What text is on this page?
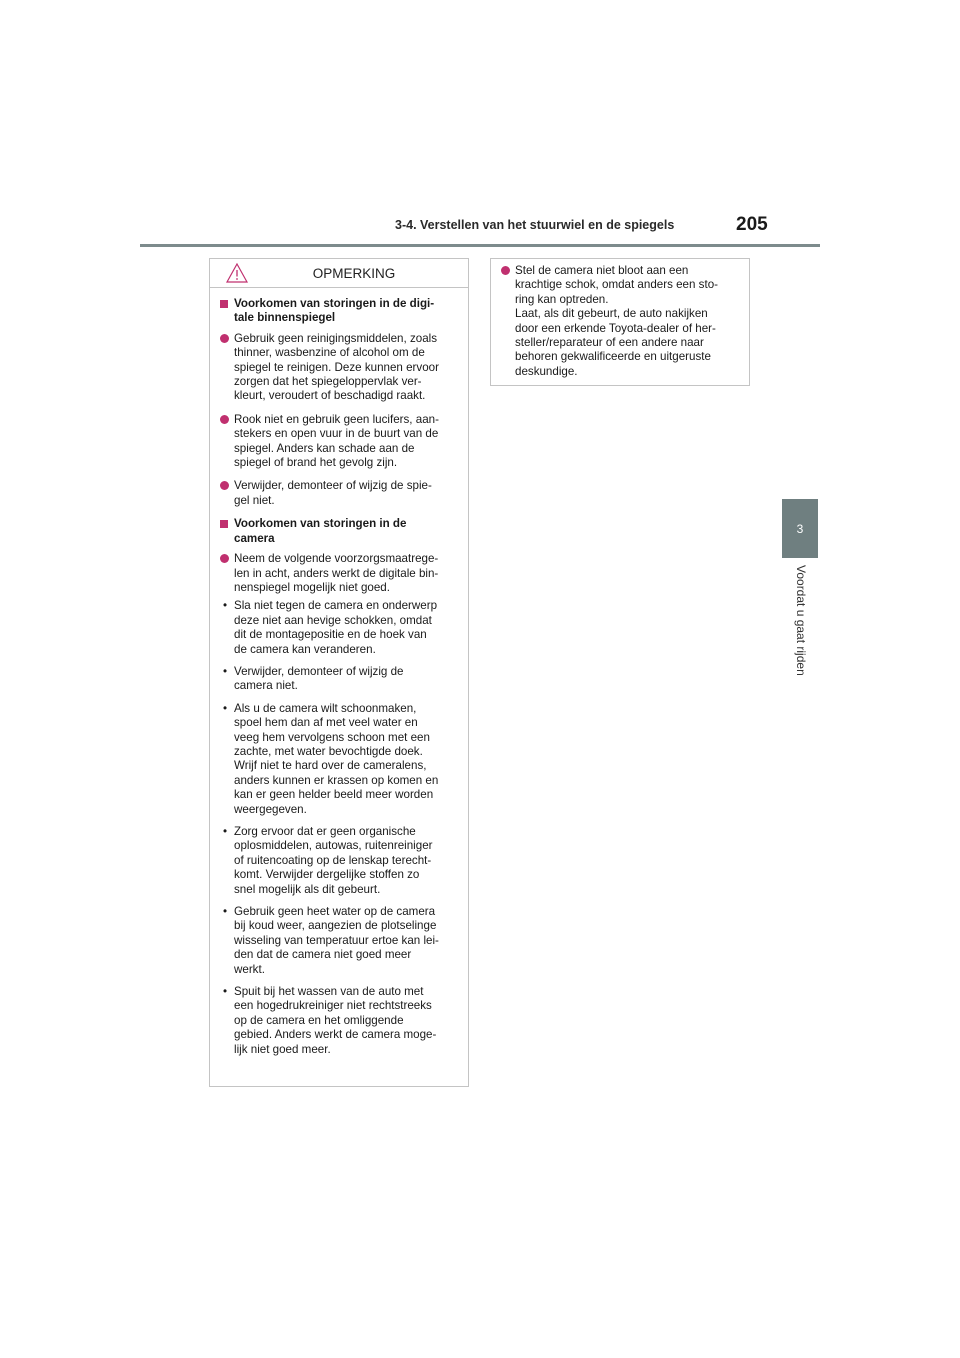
3-4. Verstellen van het stuurwiel en de spiegels	205
3
Voordat u gaat rijden
OPMERKING
Voorkomen van storingen in de digi-
tale binnenspiegel
Gebruik geen reinigingsmiddelen, zoals
thinner, wasbenzine of alcohol om de
spiegel te reinigen. Deze kunnen ervoor
zorgen dat het spiegeloppervlak ver-
kleurt, veroudert of beschadigd raakt.
Rook niet en gebruik geen lucifers, aan-
stekers en open vuur in de buurt van de
spiegel. Anders kan schade aan de
spiegel of brand het gevolg zijn.
Verwijder, demonteer of wijzig de spie-
gel niet.
Voorkomen van storingen in de
camera
Neem de volgende voorzorgsmaatrege-
len in acht, anders werkt de digitale bin-
nenspiegel mogelijk niet goed.
• Sla niet tegen de camera en onderwerp
deze niet aan hevige schokken, omdat
dit de montagepositie en de hoek van
de camera kan veranderen.
• Verwijder, demonteer of wijzig de
camera niet.
• Als u de camera wilt schoonmaken,
spoel hem dan af met veel water en
veeg hem vervolgens schoon met een
zachte, met water bevochtigde doek.
Wrijf niet te hard over de cameralens,
anders kunnen er krassen op komen en
kan er geen helder beeld meer worden
weergegeven.
• Zorg ervoor dat er geen organische
oplosmiddelen, autowas, ruitenreiniger
of ruitencoating op de lenskap terecht-
komt. Verwijder dergelijke stoffen zo
snel mogelijk als dit gebeurt.
• Gebruik geen heet water op de camera
bij koud weer, aangezien de plotselinge
wisseling van temperatuur ertoe kan lei-
den dat de camera niet goed meer
werkt.
• Spuit bij het wassen van de auto met
een hogedrukreiniger niet rechtstreeks
op de camera en het omliggende
gebied. Anders werkt de camera moge-
lijk niet goed meer.
Stel de camera niet bloot aan een
krachtige schok, omdat anders een sto-
ring kan optreden.
Laat, als dit gebeurt, de auto nakijken
door een erkende Toyota-dealer of her-
steller/reparateur of een andere naar
behoren gekwalificeerde en uitgeruste
deskundige.
